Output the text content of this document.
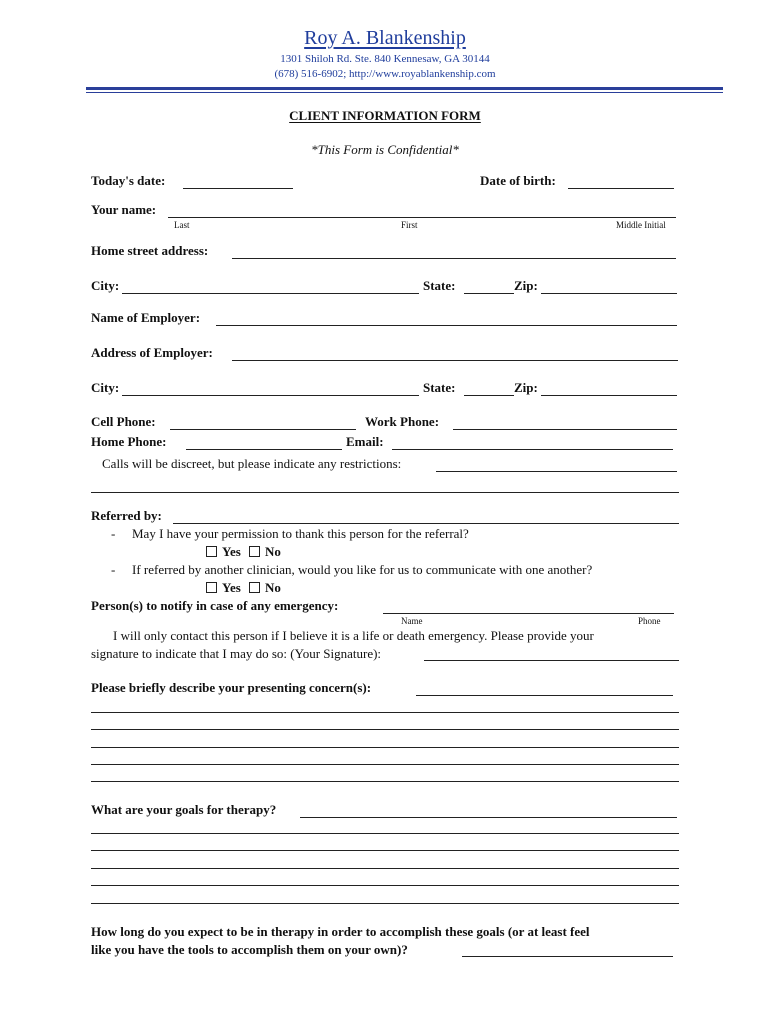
Roy A. Blankenship
1301 Shiloh Rd. Ste. 840 Kennesaw, GA 30144
(678) 516-6902; http://www.royablankenship.com
CLIENT INFORMATION FORM
*This Form is Confidential*
Today's date:	Date of birth:
Your name:
Last	First	Middle Initial
Home street address:
City:	State:	Zip:
Name of Employer:
Address of Employer:
City:	State:	Zip:
Cell Phone:	Work Phone:
Home Phone:	Email:
Calls will be discreet, but please indicate any restrictions:
Referred by:
- May I have your permission to thank this person for the referral?
Yes No
- If referred by another clinician, would you like for us to communicate with one another?
Yes No
Person(s) to notify in case of any emergency:
Name	Phone
I will only contact this person if I believe it is a life or death emergency. Please provide your
signature to indicate that I may do so: (Your Signature):
Please briefly describe your presenting concern(s):
What are your goals for therapy?
How long do you expect to be in therapy in order to accomplish these goals (or at least feel
like you have the tools to accomplish them on your own)?
